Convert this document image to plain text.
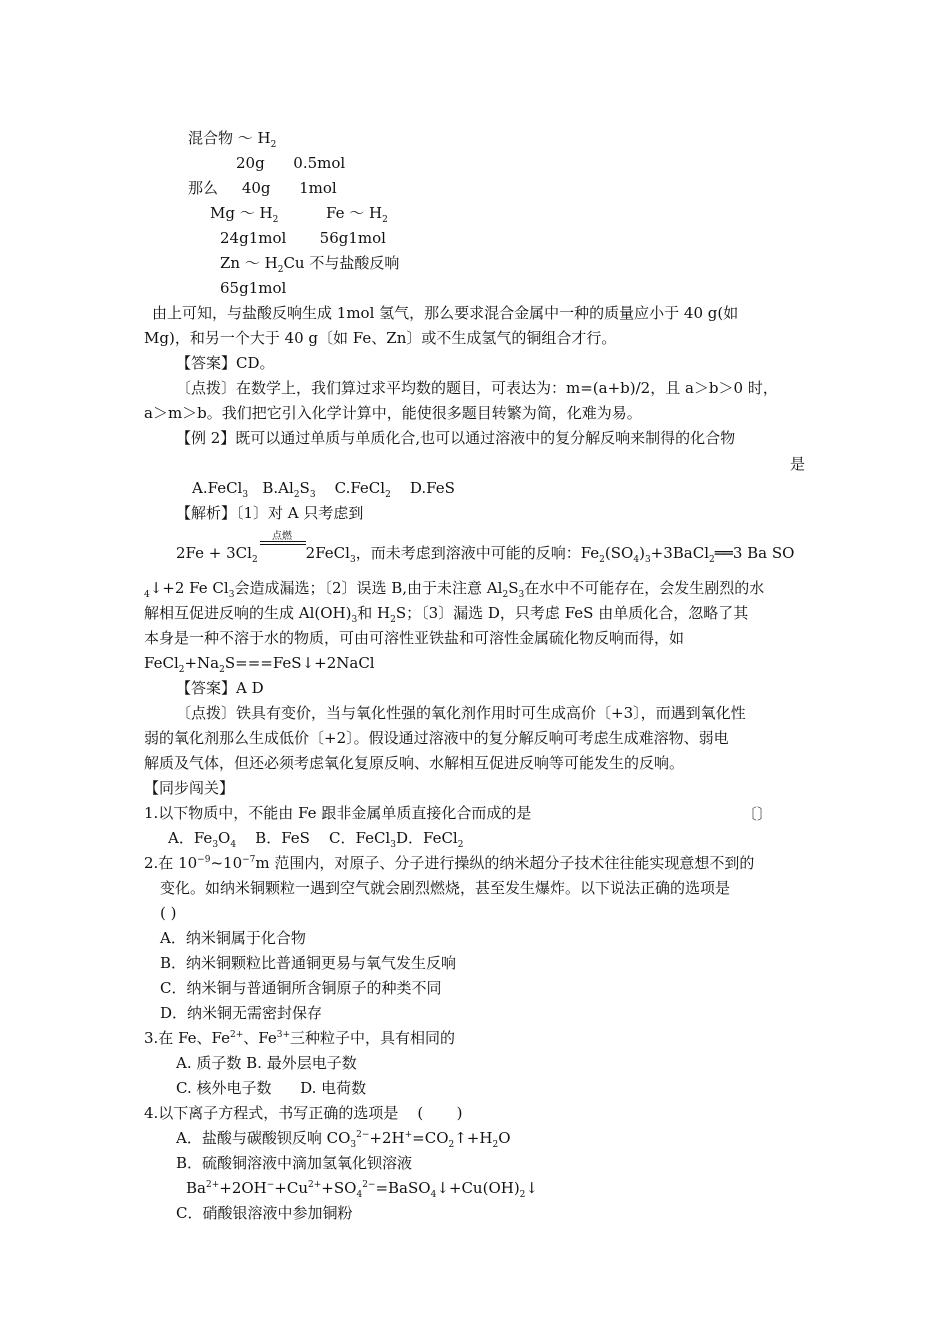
混合物 ～ $H_2$
20g      0.5mol
那么     40g      1mol
Mg ～ $H_2$          Fe ～ $H_2$
24g1mol       56g1mol
Zn ～ $H_2Cu$ 不与盐酸反响
65g1mol
由上可知，与盐酸反响生成 1mol 氢气，那么要求混合金属中一种的质量应小于 40 g(如
Mg)，和另一个大于 40 g〔如 Fe、Zn〕或不生成氢气的铜组合才行。
【答案】CD。
〔点拨〕在数学上，我们算过求平均数的题目，可表达为：m=(a+b)/2，且 a＞b＞0 时，
a＞m＞b。我们把它引入化学计算中，能使很多题目转繁为简，化难为易。
【例 2】既可以通过单质与单质化合,也可以通过溶液中的复分解反响来制得的化合物
是
A.FeCl$_3$   $B.Al_2S_3$    C.FeCl$_2$    D.FeS
【解析】〔1〕对 A 只考虑到
点燃
$2Fe + 3Cl_2$	2FeCl$_3$，而未考虑到溶液中可能的反响：$Fe_2(SO_4)_3+3BaCl_2══3$ Ba SO
$_4$↓+2 Fe $Cl_3$会造成漏选；〔2〕误选 B,由于未注意 $Al_2S_3$在水中不可能存在，会发生剧烈的水
解相互促进反响的生成 $Al(OH)_3$和 $H_2S$；〔3〕漏选 D，只考虑 FeS 由单质化合，忽略了其
本身是一种不溶于水的物质，可由可溶性亚铁盐和可溶性金属硫化物反响而得，如
$FeCl_2+Na_2S===FeS↓+2NaCl$
【答案】A D
〔点拨〕铁具有变价，当与氧化性强的氧化剂作用时可生成高价〔+3〕，而遇到氧化性
弱的氧化剂那么生成低价〔+2〕。假设通过溶液中的复分解反响可考虑生成难溶物、弱电
解质及气体，但还必须考虑氧化复原反响、水解相互促进反响等可能发生的反响。
【同步闯关】
1.以下物质中，不能由 Fe 跟非金属单质直接化合而成的是	〔〕
A．$Fe_3O_4$    B．FeS    C．FeCl$_3$D．FeCl$_2$
2.在 $10^{-9}\sim 10^{-7}m$ 范围内，对原子、分子进行操纵的纳米超分子技术往往能实现意想不到的
变化。如纳米铜颗粒一遇到空气就会剧烈燃烧，甚至发生爆炸。以下说法正确的选项是
( )
A．纳米铜属于化合物
B．纳米铜颗粒比普通铜更易与氧气发生反响
C．纳米铜与普通铜所含铜原子的种类不同
D．纳米铜无需密封保存
3.在 Fe、$Fe^{2+}$、$Fe^{3+}$三种粒子中，具有相同的
A. 质子数 B. 最外层电子数
C. 核外电子数      D. 电荷数
4.以下离子方程式，书写正确的选项是    (       )
A．盐酸与碳酸钡反响 $CO_3^{2-}+2H^+=CO_2↑+H_2O$
B．硫酸铜溶液中滴加氢氧化钡溶液
$Ba^{2+}+2OH^-+Cu^{2+}+SO_4^{2-}=BaSO_4↓+Cu(OH)_2↓$
C．硝酸银溶液中参加铜粉
